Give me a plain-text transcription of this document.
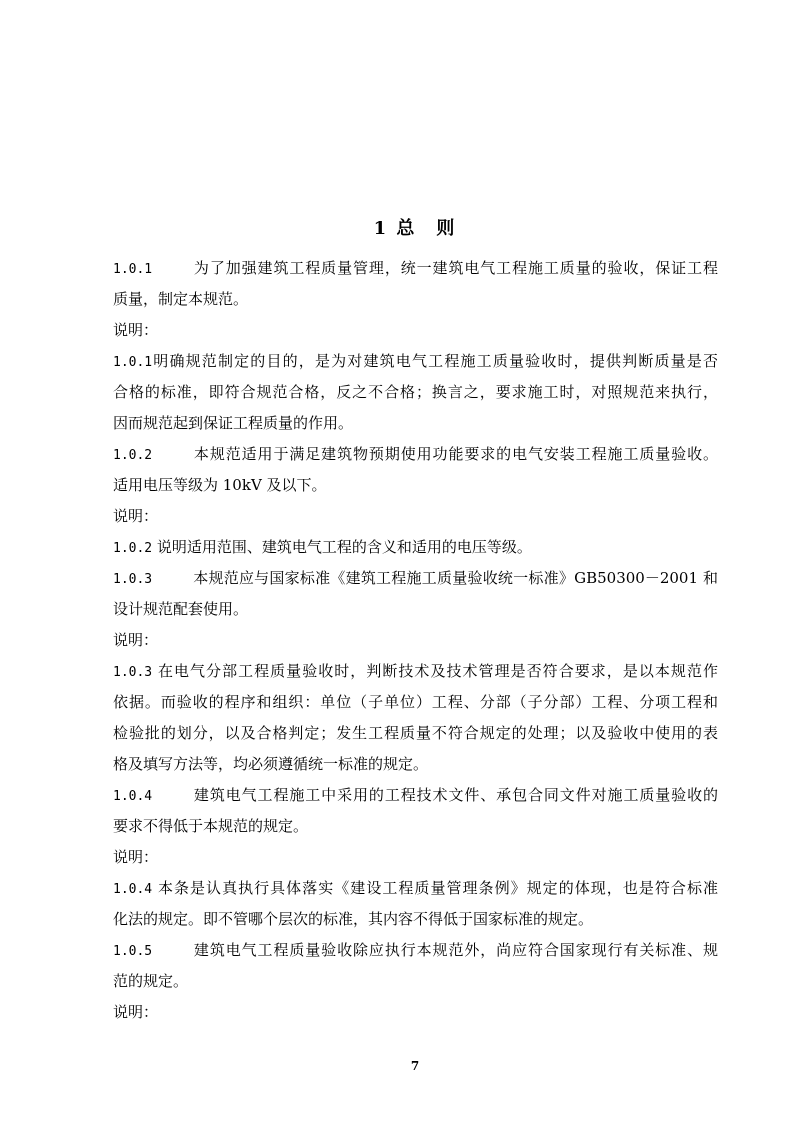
1 总　则
1.0.1	为了加强建筑工程质量管理，统一建筑电气工程施工质量的验收，保证工程
质量，制定本规范。
说明：
1.0.1明确规范制定的目的，是为对建筑电气工程施工质量验收时，提供判断质量是否
合格的标准，即符合规范合格，反之不合格；换言之，要求施工时，对照规范来执行，
因而规范起到保证工程质量的作用。
1.0.2	本规范适用于满足建筑物预期使用功能要求的电气安装工程施工质量验收。
适用电压等级为 10kV 及以下。
说明：
1.0.2 说明适用范围、建筑电气工程的含义和适用的电压等级。
1.0.3	本规范应与国家标准《建筑工程施工质量验收统一标准》GB50300－2001 和
设计规范配套使用。
说明：
1.0.3 在电气分部工程质量验收时，判断技术及技术管理是否符合要求，是以本规范作
依据。而验收的程序和组织：单位（子单位）工程、分部（子分部）工程、分项工程和
检验批的划分，以及合格判定；发生工程质量不符合规定的处理；以及验收中使用的表
格及填写方法等，均必须遵循统一标准的规定。
1.0.4	建筑电气工程施工中采用的工程技术文件、承包合同文件对施工质量验收的
要求不得低于本规范的规定。
说明：
1.0.4 本条是认真执行具体落实《建设工程质量管理条例》规定的体现，也是符合标准
化法的规定。即不管哪个层次的标准，其内容不得低于国家标准的规定。
1.0.5	建筑电气工程质量验收除应执行本规范外，尚应符合国家现行有关标准、规
范的规定。
说明：
7
